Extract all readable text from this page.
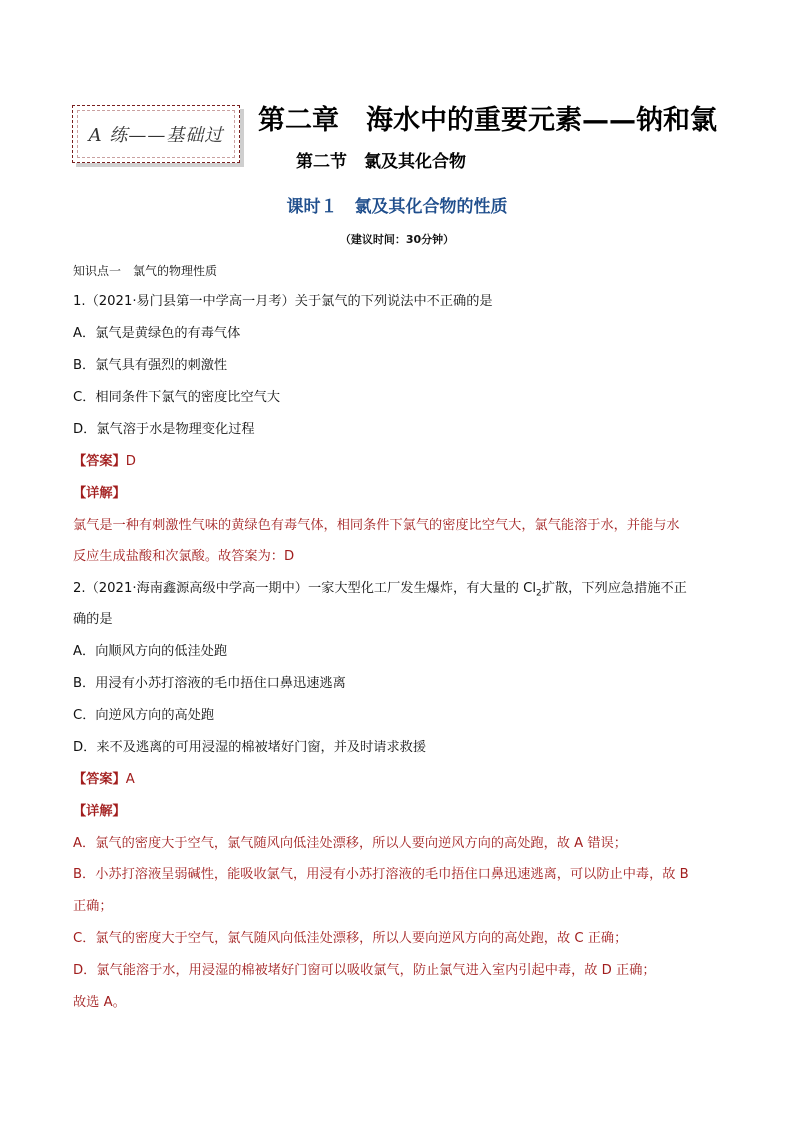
A 练——基础过 第二章　海水中的重要元素——钠和氯
第二节　氯及其化合物
课时１　氯及其化合物的性质
（建议时间：30分钟）
知识点一　氯气的物理性质
1.（2021·易门县第一中学高一月考）关于氯气的下列说法中不正确的是
A．氯气是黄绿色的有毒气体
B．氯气具有强烈的刺激性
C．相同条件下氯气的密度比空气大
D．氯气溶于水是物理变化过程
【答案】D
【详解】
氯气是一种有刺激性气味的黄绿色有毒气体，相同条件下氯气的密度比空气大，氯气能溶于水，并能与水
反应生成盐酸和次氯酸。故答案为：D
2.（2021·海南鑫源高级中学高一期中）一家大型化工厂发生爆炸，有大量的 $Cl_2$扩散，下列应急措施不正
确的是
A．向顺风方向的低洼处跑
B．用浸有小苏打溶液的毛巾捂住口鼻迅速逃离
C．向逆风方向的高处跑
D．来不及逃离的可用浸湿的棉被堵好门窗，并及时请求救援
【答案】A
【详解】
A．氯气的密度大于空气，氯气随风向低洼处漂移，所以人要向逆风方向的高处跑，故 A 错误；
B．小苏打溶液呈弱碱性，能吸收氯气，用浸有小苏打溶液的毛巾捂住口鼻迅速逃离，可以防止中毒，故 B
正确；
C．氯气的密度大于空气，氯气随风向低洼处漂移，所以人要向逆风方向的高处跑，故 C 正确；
D．氯气能溶于水，用浸湿的棉被堵好门窗可以吸收氯气，防止氯气进入室内引起中毒，故 D 正确；
故选 A。
